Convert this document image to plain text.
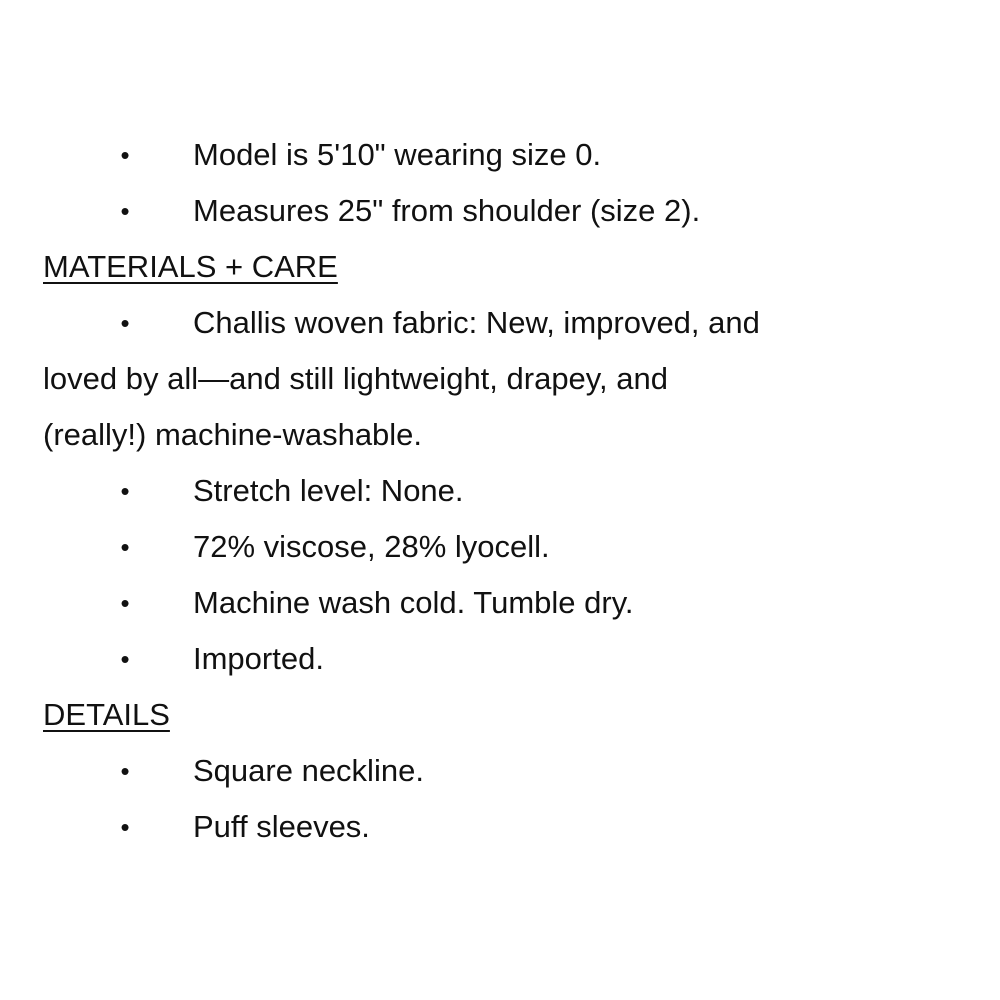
• Model is 5'10" wearing size 0.
• Measures 25" from shoulder (size 2).
MATERIALS + CARE
• Challis woven fabric: New, improved, and
loved by all—and still lightweight, drapey, and
(really!) machine-washable.
• Stretch level: None.
• 72% viscose, 28% lyocell.
• Machine wash cold. Tumble dry.
• Imported.
DETAILS
• Square neckline.
• Puff sleeves.
